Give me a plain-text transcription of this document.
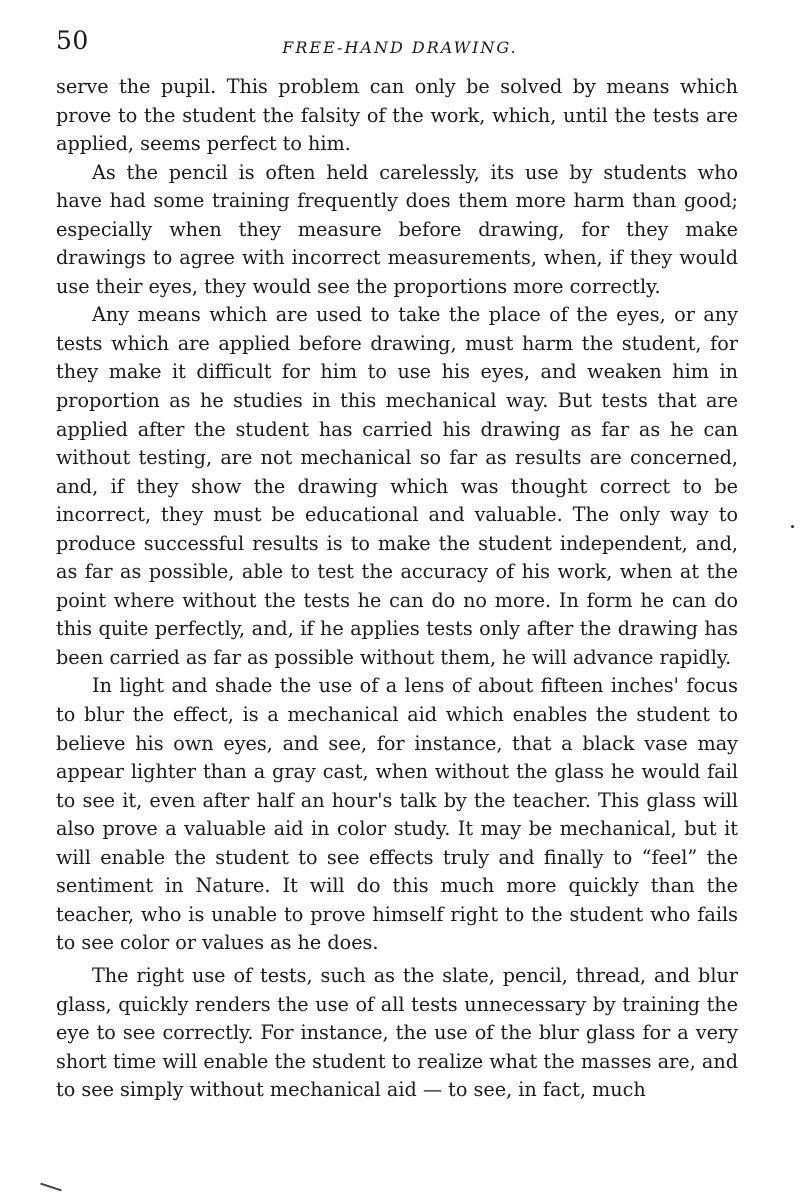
50	FREE-HAND DRAWING.

serve the pupil. This problem can only be solved by means which prove to the student the falsity of the work, which, until the tests are applied, seems perfect to him.

As the pencil is often held carelessly, its use by students who have had some training frequently does them more harm than good; especially when they measure before drawing, for they make drawings to agree with incorrect measurements, when, if they would use their eyes, they would see the proportions more correctly.

Any means which are used to take the place of the eyes, or any tests which are applied before drawing, must harm the student, for they make it difficult for him to use his eyes, and weaken him in proportion as he studies in this mechanical way. But tests that are applied after the student has carried his drawing as far as he can without testing, are not mechanical so far as results are concerned, and, if they show the drawing which was thought correct to be incorrect, they must be educational and valuable. The only way to produce successful results is to make the student independent, and, as far as possible, able to test the accuracy of his work, when at the point where without the tests he can do no more. In form he can do this quite perfectly, and, if he applies tests only after the drawing has been carried as far as possible without them, he will advance rapidly.

In light and shade the use of a lens of about fifteen inches' focus to blur the effect, is a mechanical aid which enables the student to believe his own eyes, and see, for instance, that a black vase may appear lighter than a gray cast, when without the glass he would fail to see it, even after half an hour's talk by the teacher. This glass will also prove a valuable aid in color study. It may be mechanical, but it will enable the student to see effects truly and finally to “feel” the sentiment in Nature. It will do this much more quickly than the teacher, who is unable to prove himself right to the student who fails to see color or values as he does.

The right use of tests, such as the slate, pencil, thread, and blur glass, quickly renders the use of all tests unnecessary by training the eye to see correctly. For instance, the use of the blur glass for a very short time will enable the student to realize what the masses are, and to see simply without mechanical aid — to see, in fact, much
